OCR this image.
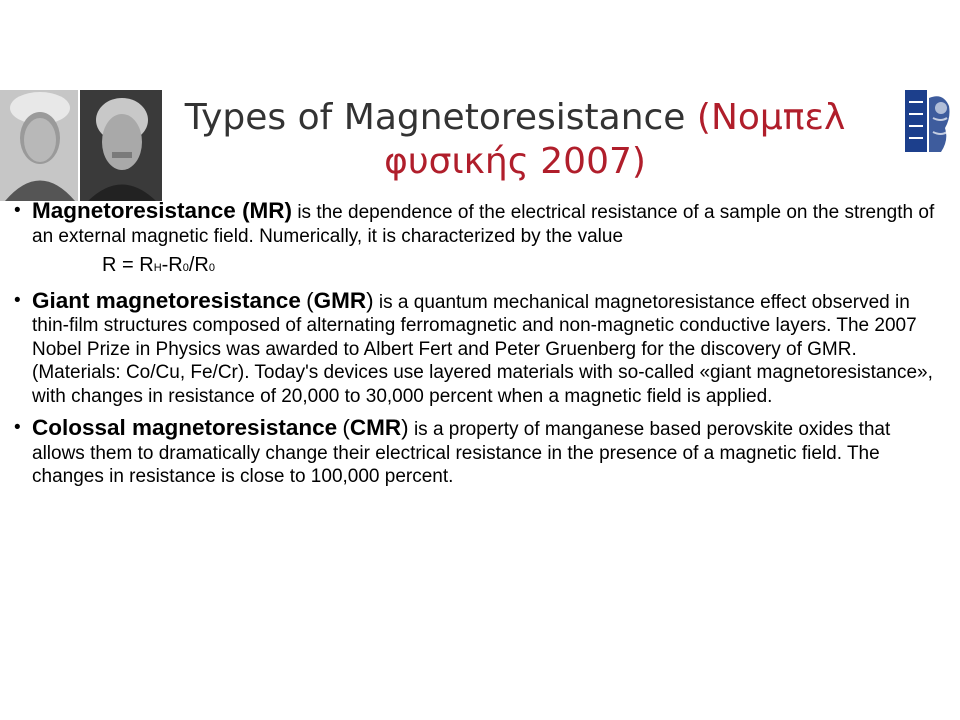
Types of Magnetoresistance (Νομπελ φυσικής 2007)
• Magnetoresistance (MR) is the dependence of the electrical resistance of a sample on the strength of an external magnetic field. Numerically, it is characterized by the value
R = RH-R0/R0
• Giant magnetoresistance (GMR) is a quantum mechanical magnetoresistance effect observed in thin-film structures composed of alternating ferromagnetic and non-magnetic conductive layers. The 2007 Nobel Prize in Physics was awarded to Albert Fert and Peter Gruenberg for the discovery of GMR.(Materials: Co/Cu, Fe/Cr). Today's devices use layered materials with so-called «giant magnetoresistance», with changes in resistance of 20,000 to 30,000 percent when a magnetic field is applied.
• Colossal magnetoresistance (CMR) is a property of manganese based perovskite oxides that allows them to dramatically change their electrical resistance in the presence of a magnetic field. The changes in resistance is close to 100,000 percent.
